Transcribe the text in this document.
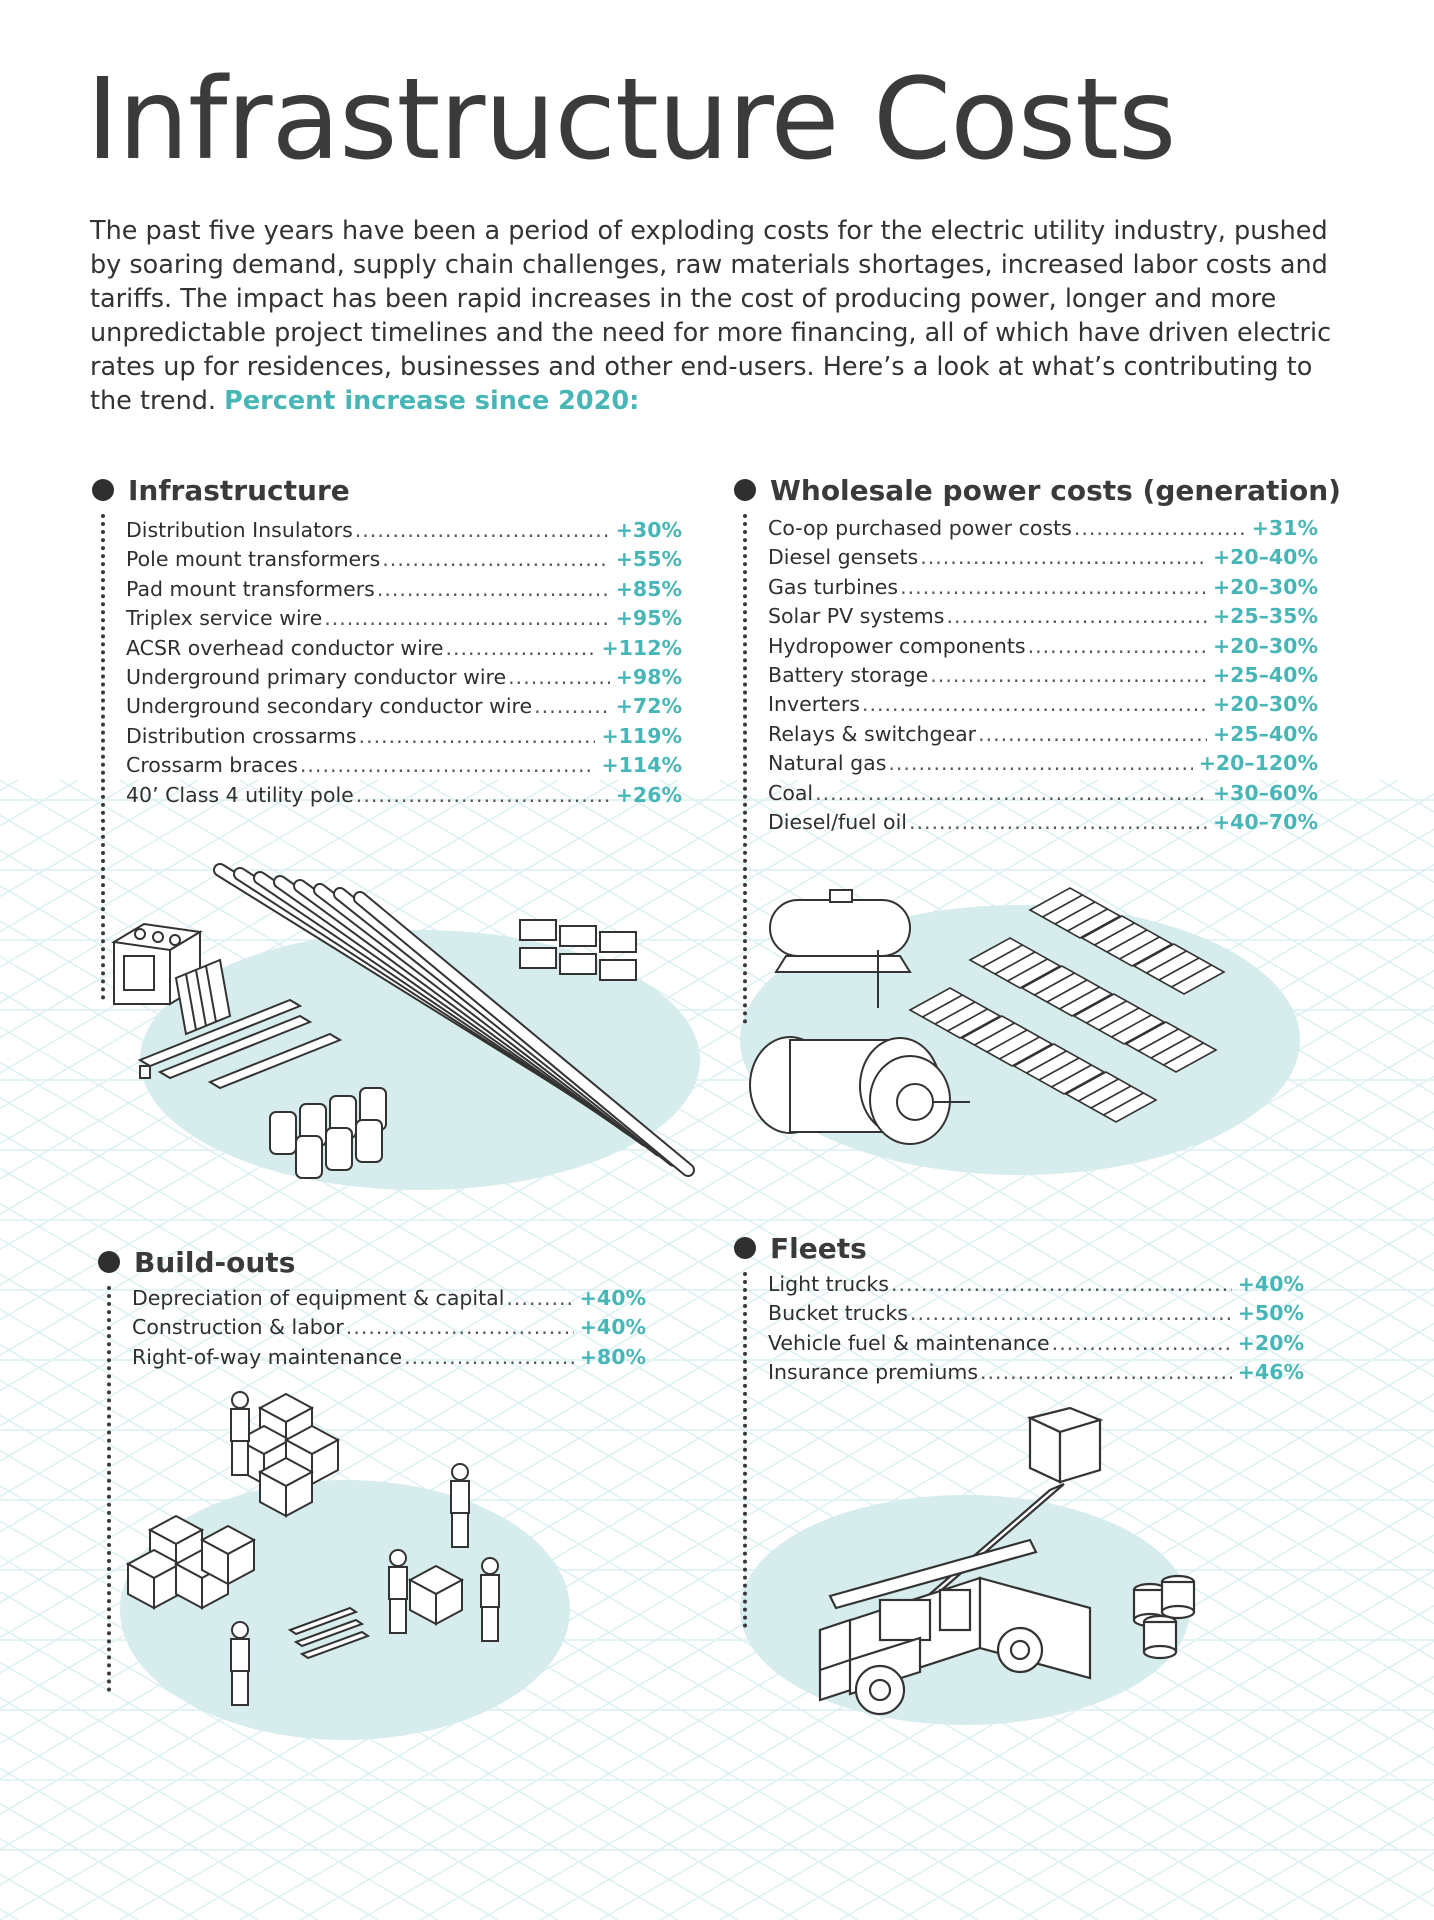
Infrastructure Costs
The past five years have been a period of exploding costs for the electric utility industry, pushed by soaring demand, supply chain challenges, raw materials shortages, increased labor costs and tariffs. The impact has been rapid increases in the cost of producing power, longer and more unpredictable project timelines and the need for more financing, all of which have driven electric rates up for residences, businesses and other end-users. Here’s a look at what’s contributing to the trend. Percent increase since 2020:
Infrastructure
Distribution Insulators .....	+30%
Pole mount transformers .....	+55%
Pad mount transformers .....	+85%
Triplex service wire .....	+95%
ACSR overhead conductor wire .....	+112%
Underground primary conductor wire .....	+98%
Underground secondary conductor wire .....	+72%
Distribution crossarms .....	+119%
Crossarm braces .....	+114%
40’ Class 4 utility pole .....	+26%
Wholesale power costs (generation)
Co-op purchased power costs .....	+31%
Diesel gensets .....	+20–40%
Gas turbines .....	+20–30%
Solar PV systems .....	+25–35%
Hydropower components .....	+20–30%
Battery storage .....	+25–40%
Inverters .....	+20–30%
Relays & switchgear .....	+25–40%
Natural gas .....	+20–120%
Coal .....	+30–60%
Diesel/fuel oil .....	+40–70%
Build-outs
Depreciation of equipment & capital .....	+40%
Construction & labor .....	+40%
Right-of-way maintenance .....	+80%
Fleets
Light trucks .....	+40%
Bucket trucks .....	+50%
Vehicle fuel & maintenance .....	+20%
Insurance premiums .....	+46%
